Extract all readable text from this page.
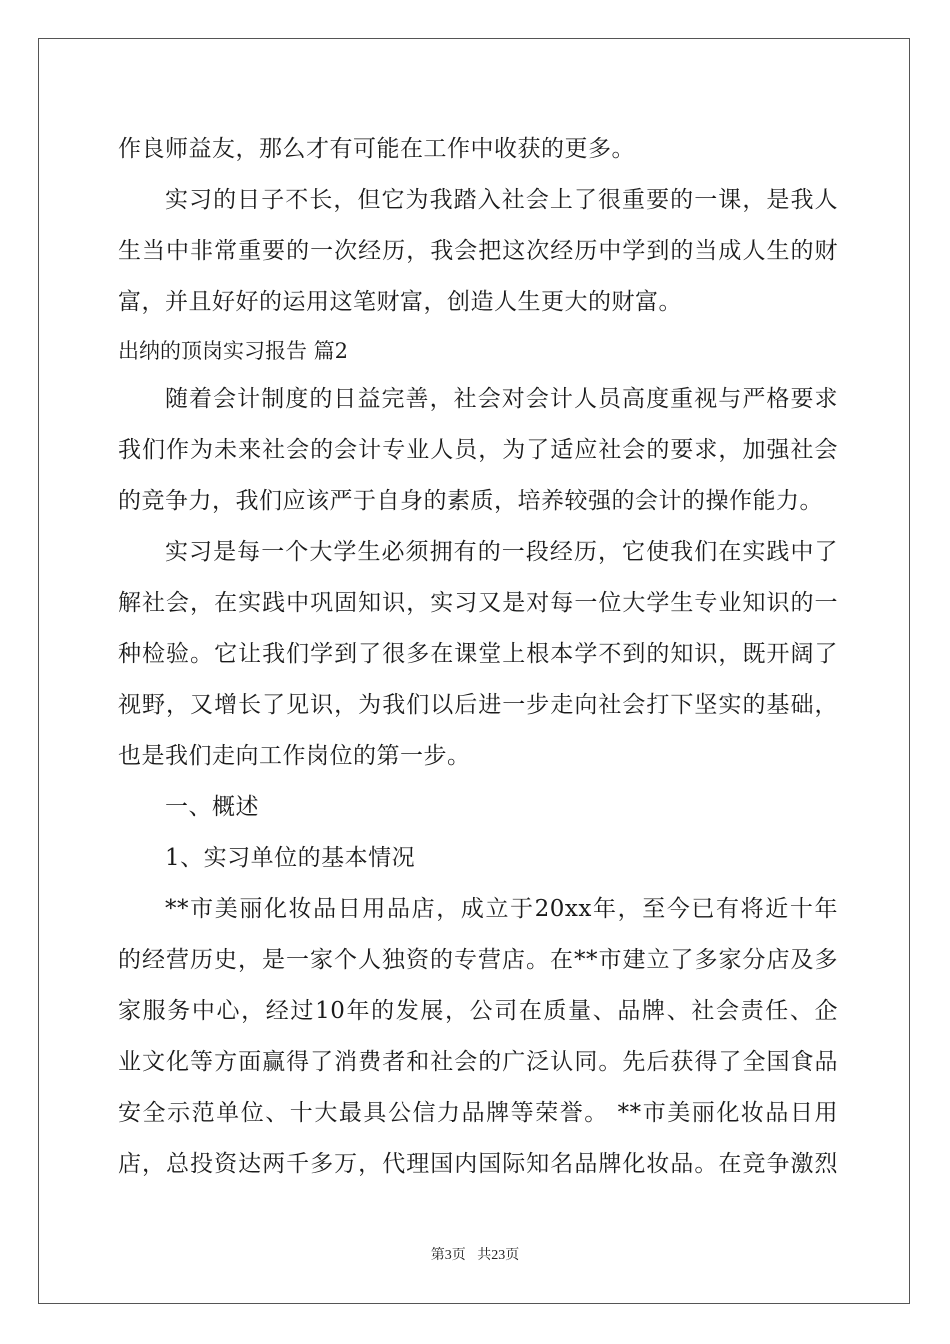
作良师益友，那么才有可能在工作中收获的更多。
实习的日子不长，但它为我踏入社会上了很重要的一课，是我人
生当中非常重要的一次经历，我会把这次经历中学到的当成人生的财
富，并且好好的运用这笔财富，创造人生更大的财富。
出纳的顶岗实习报告 篇2
随着会计制度的日益完善，社会对会计人员高度重视与严格要求
我们作为未来社会的会计专业人员，为了适应社会的要求，加强社会
的竞争力，我们应该严于自身的素质，培养较强的会计的操作能力。
实习是每一个大学生必须拥有的一段经历，它使我们在实践中了
解社会，在实践中巩固知识，实习又是对每一位大学生专业知识的一
种检验。它让我们学到了很多在课堂上根本学不到的知识，既开阔了
视野，又增长了见识，为我们以后进一步走向社会打下坚实的基础，
也是我们走向工作岗位的第一步。
一、概述
1、实习单位的基本情况
**市美丽化妆品日用品店，成立于20xx年，至今已有将近十年
的经营历史，是一家个人独资的专营店。在**市建立了多家分店及多
家服务中心，经过10年的发展，公司在质量、品牌、社会责任、企
业文化等方面赢得了消费者和社会的广泛认同。先后获得了全国食品
安全示范单位、十大最具公信力品牌等荣誉。 **市美丽化妆品日用
店，总投资达两千多万，代理国内国际知名品牌化妆品。在竞争激烈
第3页 共23页
